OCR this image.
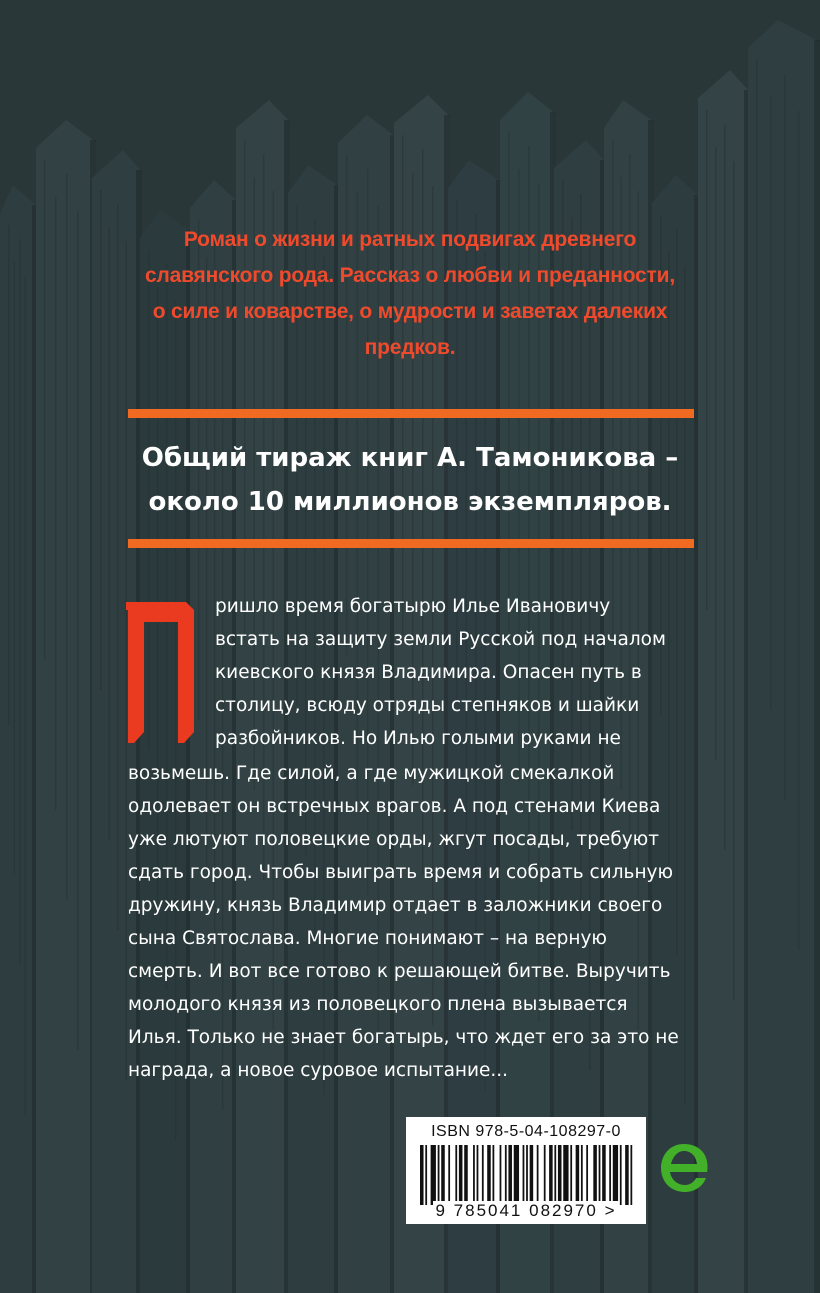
Роман о жизни и ратных подвигах древнего
славянского рода. Рассказ о любви и преданности,
о силе и коварстве, о мудрости и заветах далеких
предков.
Общий тираж книг А. Тамоникова –
около 10 миллионов экземпляров.
ришло время богатырю Илье Ивановичу
встать на защиту земли Русской под началом
киевского князя Владимира. Опасен путь в
столицу, всюду отряды степняков и шайки
разбойников. Но Илью голыми руками не
возьмешь. Где силой, а где мужицкой смекалкой
одолевает он встречных врагов. А под стенами Киева
уже лютуют половецкие орды, жгут посады, требуют
сдать город. Чтобы выиграть время и собрать сильную
дружину, князь Владимир отдает в заложники своего
сына Святослава. Многие понимают – на верную
смерть. И вот все готово к решающей битве. Выручить
молодого князя из половецкого плена вызывается
Илья. Только не знает богатырь, что ждет его за это не
награда, а новое суровое испытание...
ISBN 978-5-04-108297-0
9 785041 082970 >
